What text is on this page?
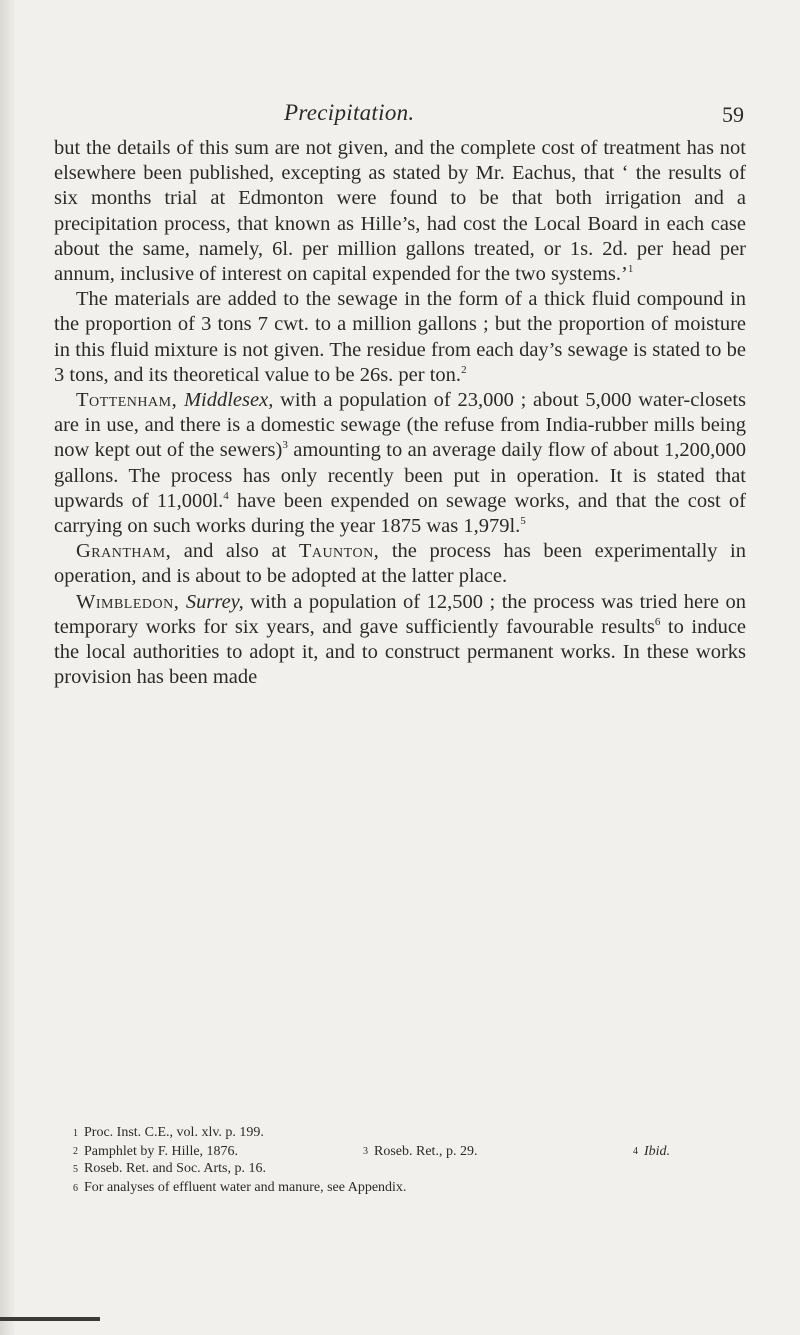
Precipitation.	59

but the details of this sum are not given, and the complete cost of treatment has not elsewhere been published, excepting as stated by Mr. Eachus, that ‘ the results of six months trial at Edmonton were found to be that both irrigation and a precipitation process, that known as Hille’s, had cost the Local Board in each case about the same, namely, 6l. per million gallons treated, or 1s. 2d. per head per annum, inclusive of interest on capital expended for the two systems.’$^1$

The materials are added to the sewage in the form of a thick fluid compound in the proportion of 3 tons 7 cwt. to a million gallons ; but the proportion of moisture in this fluid mixture is not given. The residue from each day’s sewage is stated to be 3 tons, and its theoretical value to be 26s. per ton.$^2$

Tottenham, Middlesex, with a population of 23,000 ; about 5,000 water-closets are in use, and there is a domestic sewage (the refuse from India-rubber mills being now kept out of the sewers)$^3$ amounting to an average daily flow of about 1,200,000 gallons. The process has only recently been put in operation. It is stated that upwards of 11,000l.$^4$ have been expended on sewage works, and that the cost of carrying on such works during the year 1875 was 1,979l.$^5$

Grantham, and also at Taunton, the process has been experimentally in operation, and is about to be adopted at the latter place.

Wimbledon, Surrey, with a population of 12,500 ; the process was tried here on temporary works for six years, and gave sufficiently favourable results$^6$ to induce the local authorities to adopt it, and to construct permanent works. In these works provision has been made

1 Proc. Inst. C.E., vol. xlv. p. 199.
2 Pamphlet by F. Hille, 1876.	3 Roseb. Ret., p. 29.	4 Ibid.
5 Roseb. Ret. and Soc. Arts, p. 16.
6 For analyses of effluent water and manure, see Appendix.
